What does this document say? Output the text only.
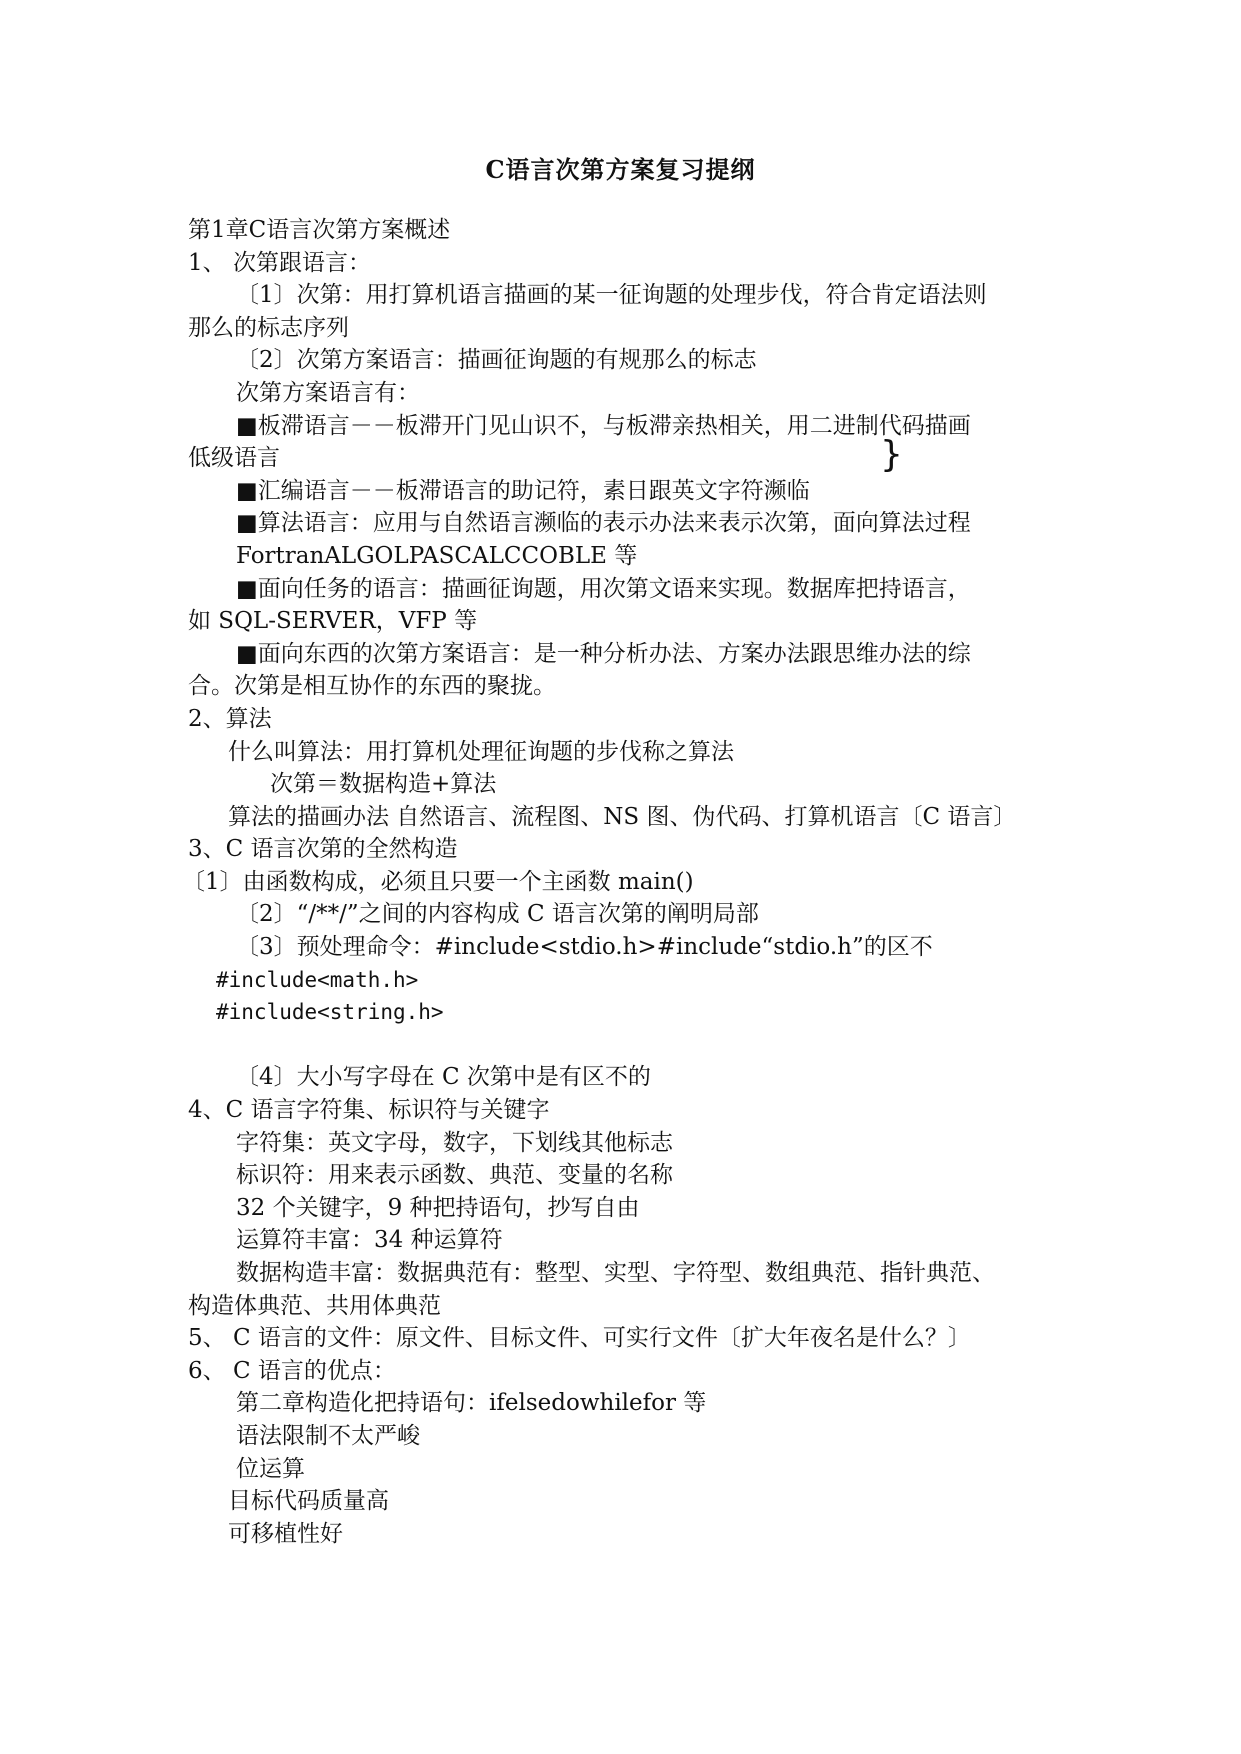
C语言次第方案复习提纲
第1章C语言次第方案概述
1、 次第跟语言：
〔1〕次第：用打算机语言描画的某一征询题的处理步伐，符合肯定语法则
那么的标志序列
〔2〕次第方案语言：描画征询题的有规那么的标志
次第方案语言有：
■板滞语言－－板滞开门见山识不，与板滞亲热相关，用二进制代码描画
低级语言
■汇编语言－－板滞语言的助记符，素日跟英文字符濒临
■算法语言：应用与自然语言濒临的表示办法来表示次第，面向算法过程
FortranALGOLPASCALCCOBLE 等
■面向任务的语言：描画征询题，用次第文语来实现。数据库把持语言，
如 SQL-SERVER，VFP 等
■面向东西的次第方案语言：是一种分析办法、方案办法跟思维办法的综
合。次第是相互协作的东西的聚拢。
2、算法
什么叫算法：用打算机处理征询题的步伐称之算法
次第＝数据构造+算法
算法的描画办法 自然语言、流程图、NS 图、伪代码、打算机语言〔C 语言〕
3、C 语言次第的全然构造
〔1〕由函数构成，必须且只要一个主函数 main()
〔2〕“/**/”之间的内容构成 C 语言次第的阐明局部
〔3〕预处理命令：#include<stdio.h>#include“stdio.h”的区不
#include<math.h>
#include<string.h>
〔4〕大小写字母在 C 次第中是有区不的
4、C 语言字符集、标识符与关键字
字符集：英文字母，数字，下划线其他标志
标识符：用来表示函数、典范、变量的名称
32 个关键字，9 种把持语句，抄写自由
运算符丰富：34 种运算符
数据构造丰富：数据典范有：整型、实型、字符型、数组典范、指针典范、
构造体典范、共用体典范
5、 C 语言的文件：原文件、目标文件、可实行文件〔扩大年夜名是什么？〕
6、 C 语言的优点：
第二章构造化把持语句：ifelsedowhilefor 等
语法限制不太严峻
位运算
目标代码质量高
可移植性好
}
